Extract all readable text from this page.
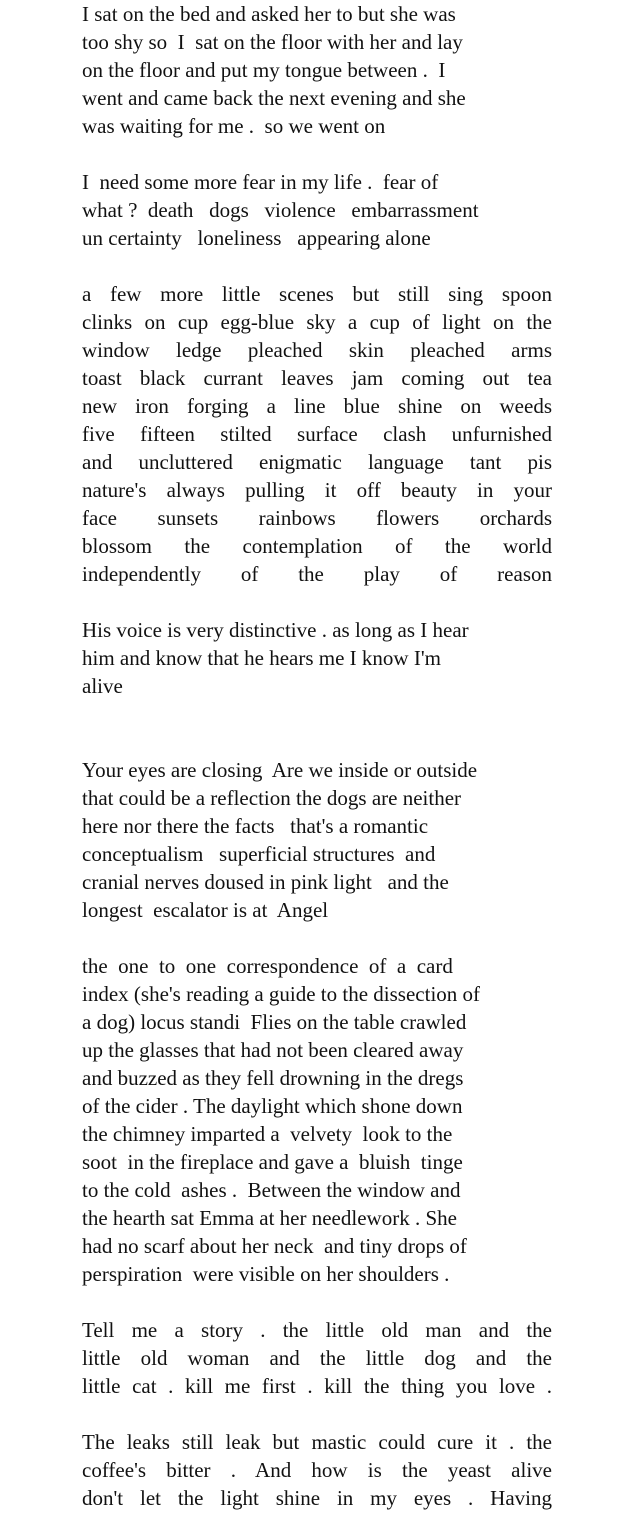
I sat on the bed and asked her to but she was
too shy so  I  sat on the floor with her and lay
on the floor and put my tongue between .  I
went and came back the next evening and she
was waiting for me .  so we went on
I  need some more fear in my life .  fear of
what ?  death   dogs   violence   embarrassment
un certainty   loneliness   appearing alone
a few more little scenes but still sing spoon
clinks on cup egg-blue sky a cup of light on the
window ledge pleached skin pleached arms
toast black currant leaves jam coming out tea
new iron forging a line blue shine on weeds
five fifteen stilted surface clash unfurnished
and uncluttered enigmatic language tant pis
nature's always pulling it off beauty in your
face sunsets rainbows flowers orchards
blossom the contemplation of the world
independently of the play of reason
His voice is very distinctive . as long as I hear
him and know that he hears me I know I'm
alive
Your eyes are closing  Are we inside or outside
that could be a reflection the dogs are neither
here nor there the facts   that's a romantic
conceptualism   superficial structures  and
cranial nerves doused in pink light   and the
longest  escalator is at  Angel
the  one  to  one  correspondence  of  a  card
index (she's reading a guide to the dissection of
a dog) locus standi  Flies on the table crawled
up the glasses that had not been cleared away
and buzzed as they fell drowning in the dregs
of the cider . The daylight which shone down
the chimney imparted a  velvety  look to the
soot  in the fireplace and gave a  bluish  tinge
to the cold  ashes .  Between the window and
the hearth sat Emma at her needlework . She
had no scarf about her neck  and tiny drops of
perspiration  were visible on her shoulders .
Tell me a story . the little old man and the
little old woman and the little dog and the
little cat . kill me first . kill the thing you love .
The leaks still leak but mastic could cure it . the
coffee's bitter . And how is the yeast alive
don't let the light shine in my eyes . Having
